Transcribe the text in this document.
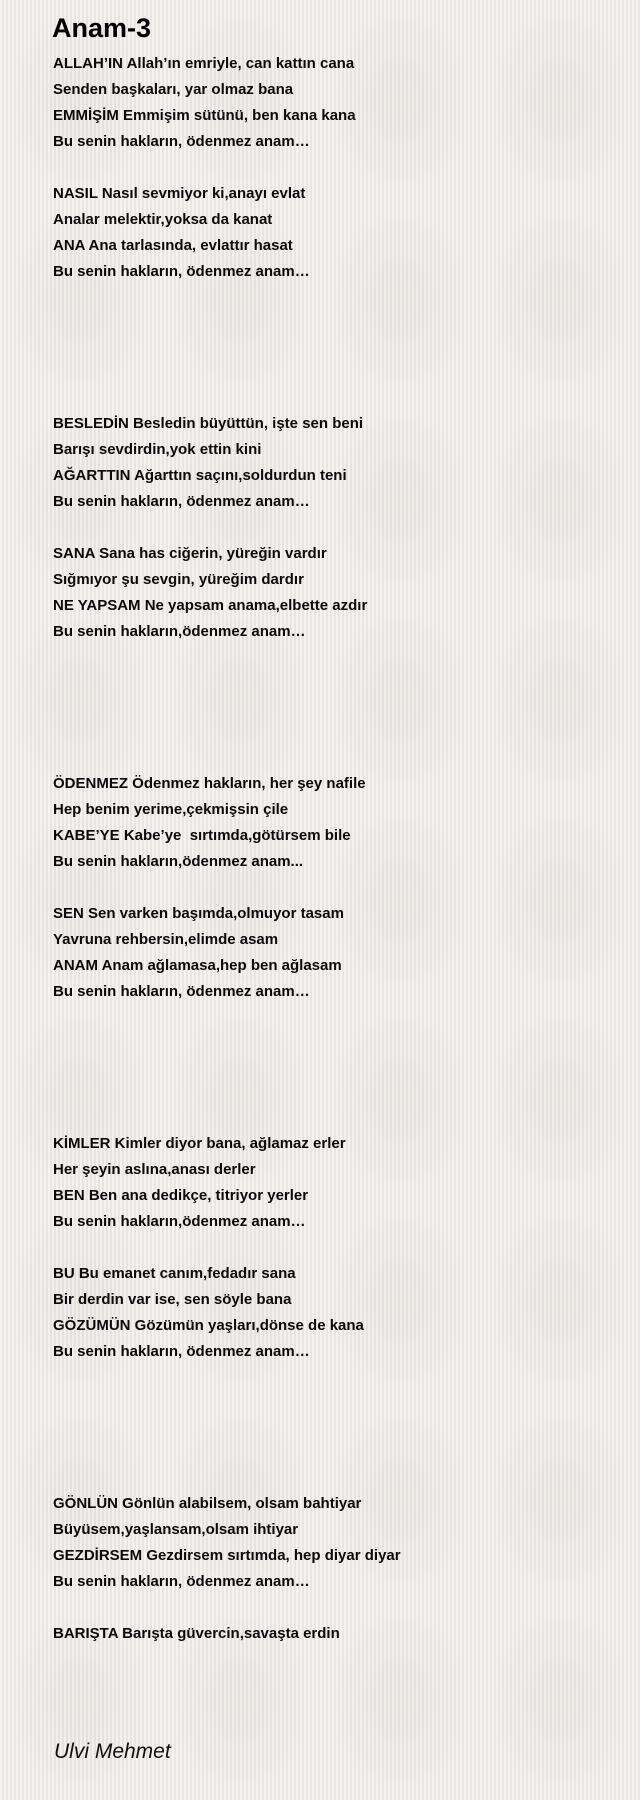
Anam-3
ALLAH’IN Allah’ın emriyle, can kattın cana
Senden başkaları, yar olmaz bana
EMMİŞİM Emmişim sütünü, ben kana kana
Bu senin hakların, ödenmez anam…
NASIL Nasıl sevmiyor ki,anayı evlat
Analar melektir,yoksa da kanat
ANA Ana tarlasında, evlattır hasat
Bu senin hakların, ödenmez anam…
BESLEDİN Besledin büyüttün, işte sen beni
Barışı sevdirdin,yok ettin kini
AĞARTTIN Ağarttın saçını,soldurdun teni
Bu senin hakların, ödenmez anam…
SANA Sana has ciğerin, yüreğin vardır
Sığmıyor şu sevgin, yüreğim dardır
NE YAPSAM Ne yapsam anama,elbette azdır
Bu senin hakların,ödenmez anam…
ÖDENMEZ Ödenmez hakların, her şey nafile
Hep benim yerime,çekmişsin çile
KABE’YE Kabe’ye  sırtımda,götürsem bile
Bu senin hakların,ödenmez anam...
SEN Sen varken başımda,olmuyor tasam
Yavruna rehbersin,elimde asam
ANAM Anam ağlamasa,hep ben ağlasam
Bu senin hakların, ödenmez anam…
KİMLER Kimler diyor bana, ağlamaz erler
Her şeyin aslına,anası derler
BEN Ben ana dedikçe, titriyor yerler
Bu senin hakların,ödenmez anam…
BU Bu emanet canım,fedadır sana
Bir derdin var ise, sen söyle bana
GÖZÜMÜN Gözümün yaşları,dönse de kana
Bu senin hakların, ödenmez anam…
GÖNLÜN Gönlün alabilsem, olsam bahtiyar
Büyüsem,yaşlansam,olsam ihtiyar
GEZDİRSEM Gezdirsem sırtımda, hep diyar diyar
Bu senin hakların, ödenmez anam…
BARIŞTA Barışta güvercin,savaşta erdin
Ulvi Mehmet
